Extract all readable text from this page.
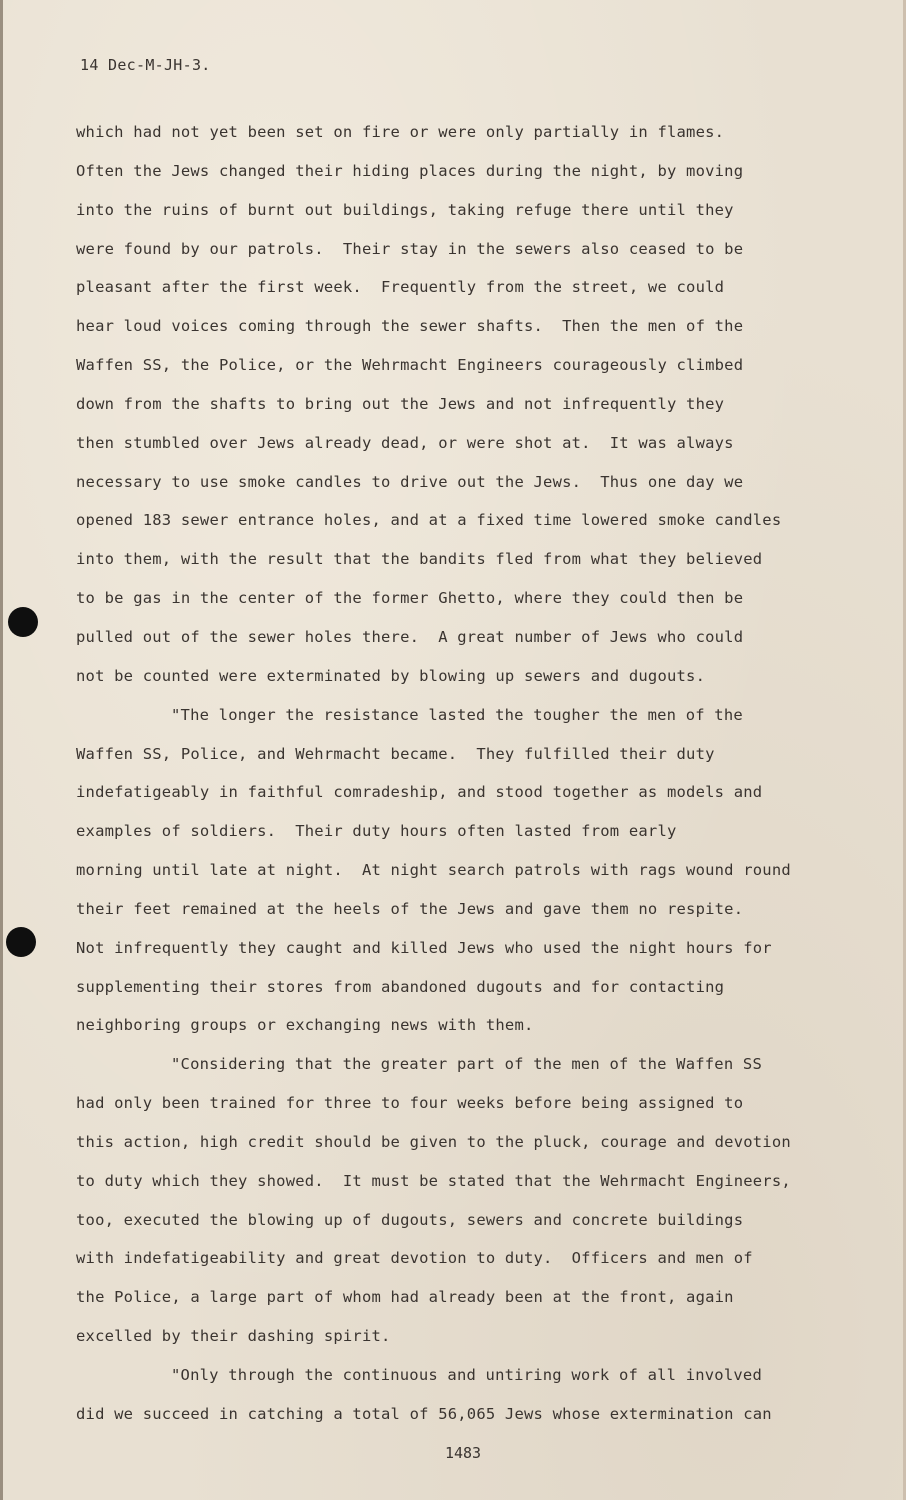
14 Dec-M-JH-3.
which had not yet been set on fire or were only partially in flames.
Often the Jews changed their hiding places during the night, by moving
into the ruins of burnt out buildings, taking refuge there until they
were found by our patrols.  Their stay in the sewers also ceased to be
pleasant after the first week.  Frequently from the street, we could
hear loud voices coming through the sewer shafts.  Then the men of the
Waffen SS, the Police, or the Wehrmacht Engineers courageously climbed
down from the shafts to bring out the Jews and not infrequently they
then stumbled over Jews already dead, or were shot at.  It was always
necessary to use smoke candles to drive out the Jews.  Thus one day we
opened 183 sewer entrance holes, and at a fixed time lowered smoke candles
into them, with the result that the bandits fled from what they believed
to be gas in the center of the former Ghetto, where they could then be
pulled out of the sewer holes there.  A great number of Jews who could
not be counted were exterminated by blowing up sewers and dugouts.
"The longer the resistance lasted the tougher the men of the
Waffen SS, Police, and Wehrmacht became.  They fulfilled their duty
indefatigeably in faithful comradeship, and stood together as models and
examples of soldiers.  Their duty hours often lasted from early
morning until late at night.  At night search patrols with rags wound round
their feet remained at the heels of the Jews and gave them no respite.
Not infrequently they caught and killed Jews who used the night hours for
supplementing their stores from abandoned dugouts and for contacting
neighboring groups or exchanging news with them.
"Considering that the greater part of the men of the Waffen SS
had only been trained for three to four weeks before being assigned to
this action, high credit should be given to the pluck, courage and devotion
to duty which they showed.  It must be stated that the Wehrmacht Engineers,
too, executed the blowing up of dugouts, sewers and concrete buildings
with indefatigeability and great devotion to duty.  Officers and men of
the Police, a large part of whom had already been at the front, again
excelled by their dashing spirit.
"Only through the continuous and untiring work of all involved
did we succeed in catching a total of 56,065 Jews whose extermination can
1483
